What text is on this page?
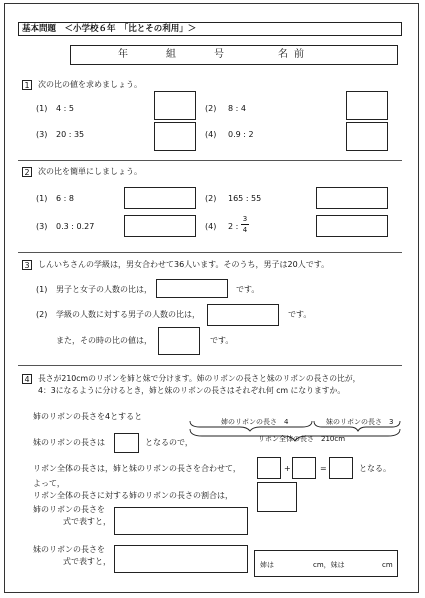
基本問題　＜小学校６年　「比とその利用」＞
年　　組　　号　　　名前
1	次の比の値を求めましょう。
(1) 4 : 5	(2) 8 : 4
(3) 20 : 35	(4) 0.9 : 2
2	次の比を簡単にしましょう。
(1) 6 : 8	(2) 165 : 55
(3) 0.3 : 0.27	(4) 2 :
3
4
3	しんいちさんの学級は，男女合わせて36人います。そのうち，男子は20人です。
(1) 男子と女子の人数の比は，	です。
(2) 学級の人数に対する男子の人数の比は，	です。
また，その時の比の値は，	です。
4	長さが210cmのリボンを姉と妹で分けます。姉のリボンの長さと妹のリボンの長さの比が，
4：3になるように分けるとき，姉と妹のリボンの長さはそれぞれ何 cm になりますか。
姉のリボンの長さを4とすると
妹のリボンの長さは	となるので，
姉のリボンの長さ　4	妹のリボンの長さ　3
リボン全体の長さ　210cm
リボン全体の長さは，姉と妹のリボンの長さを合わせて，	+	=	となる。
よって，
リボン全体の長さに対する姉のリボンの長さの割合は，
姉のリボンの長さを
式で表すと，
妹のリボンの長さを
式で表すと，	姉は	cm，妹は	cm
